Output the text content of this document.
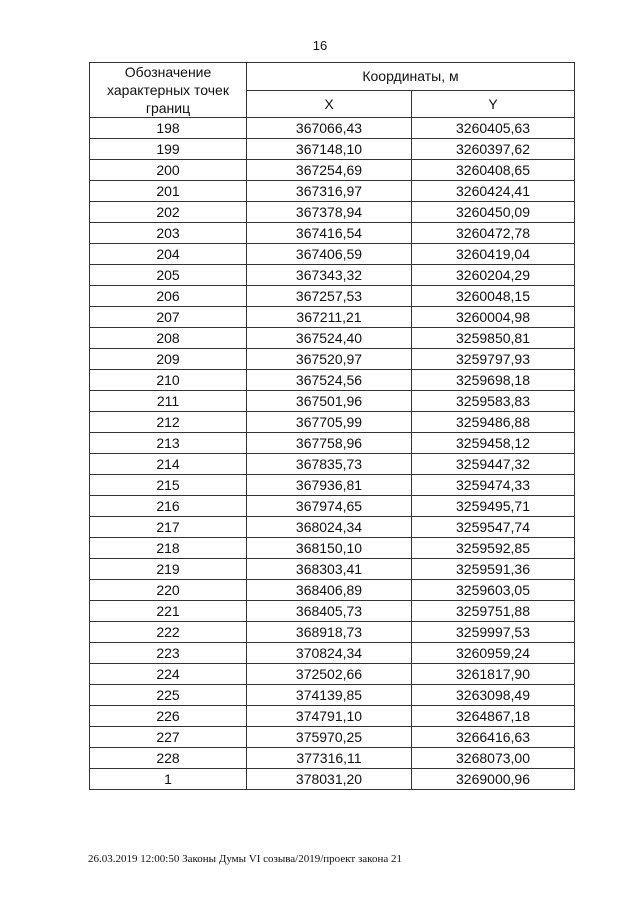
16
Обозначение характерных точек границ	Координаты, м	
	X	Y
198	367066,43	3260405,63
199	367148,10	3260397,62
200	367254,69	3260408,65
201	367316,97	3260424,41
202	367378,94	3260450,09
203	367416,54	3260472,78
204	367406,59	3260419,04
205	367343,32	3260204,29
206	367257,53	3260048,15
207	367211,21	3260004,98
208	367524,40	3259850,81
209	367520,97	3259797,93
210	367524,56	3259698,18
211	367501,96	3259583,83
212	367705,99	3259486,88
213	367758,96	3259458,12
214	367835,73	3259447,32
215	367936,81	3259474,33
216	367974,65	3259495,71
217	368024,34	3259547,74
218	368150,10	3259592,85
219	368303,41	3259591,36
220	368406,89	3259603,05
221	368405,73	3259751,88
222	368918,73	3259997,53
223	370824,34	3260959,24
224	372502,66	3261817,90
225	374139,85	3263098,49
226	374791,10	3264867,18
227	375970,25	3266416,63
228	377316,11	3268073,00
1	378031,20	3269000,96
26.03.2019 12:00:50 Законы Думы VI созыва/2019/проект закона 21
